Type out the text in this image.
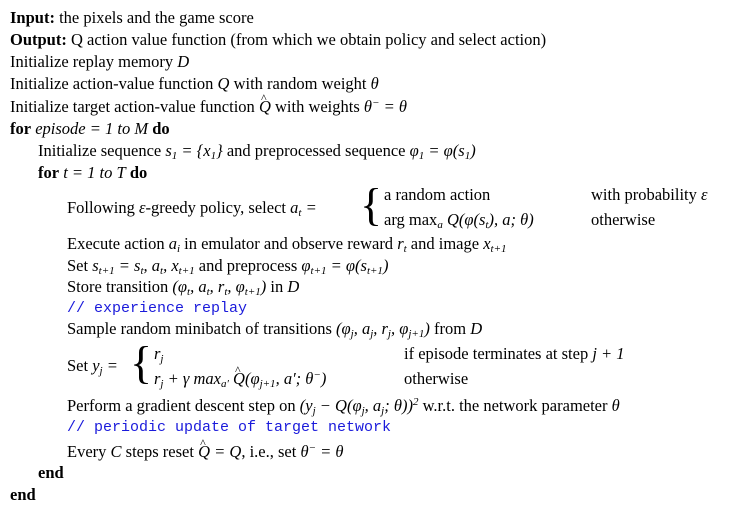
Input: the pixels and the game score
Output: Q action value function (from which we obtain policy and select action)
Initialize replay memory D
Initialize action-value function Q with random weight θ
Initialize target action-value function ^ Q with weights θ− = θ
for episode = 1 to M do
Initialize sequence $s_1 = \{x_1\}$ and preprocessed sequence $\varphi_1 = \varphi(s_1)$
for t = 1 to T do
Following ε-greedy policy, select $a_t$ = { a random action	with probability ε
arg $\max_a Q(\varphi(s_t)$, a; θ)	otherwise
Execute action $a_i$ in emulator and observe reward $r_t$ and image $x_{t+1}$
Set $s_{t+1} = s_t$, $a_t$, $x_{t+1}$ and preprocess $\varphi_{t+1} = \varphi(s_{t+1})$
Store transition ($\varphi_t$, $a_t$, $r_t$, $\varphi_{t+1}$) in D
// experience replay
Sample random minibatch of transitions ($\varphi_j$, $a_j$, $r_j$, $\varphi_{j+1}$) from D
Set $y_j$ = { $r_j$	if episode terminates at step j + 1
$r_j + \gamma$ $\max_{a'}$ ^ $Q(\varphi_{j+1}$, a′; θ−)	otherwise
Perform a gradient descent step on ($y_j - Q(\varphi_j$, $a_j$; θ))$^2$ w.r.t. the network parameter θ
// periodic update of target network
Every C steps reset ^ Q = Q, i.e., set θ− = θ
end
end
